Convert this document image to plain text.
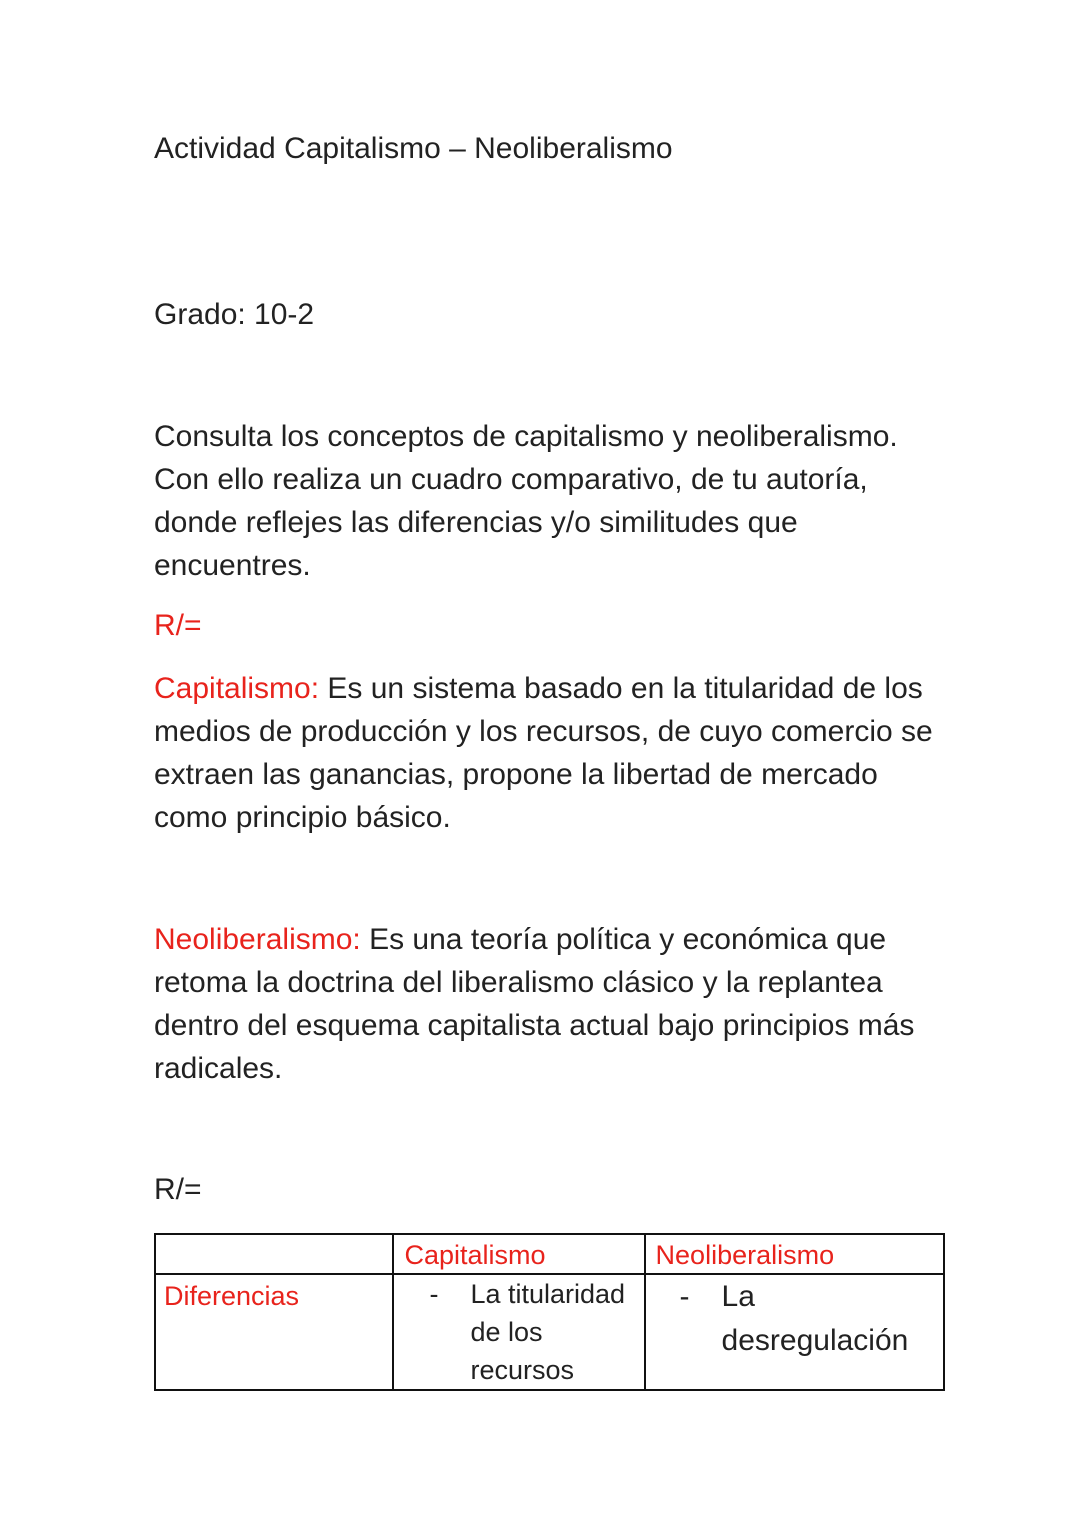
Actividad Capitalismo – Neoliberalismo
Grado: 10-2
Consulta los conceptos de capitalismo y neoliberalismo. Con ello realiza un cuadro comparativo, de tu autoría, donde reflejes las diferencias y/o similitudes que encuentres.
R/=
Capitalismo: Es un sistema basado en la titularidad de los medios de producción y los recursos, de cuyo comercio se extraen las ganancias, propone la libertad de mercado como principio básico.
Neoliberalismo: Es una teoría política y económica que retoma la doctrina del liberalismo clásico y la replantea dentro del esquema capitalista actual bajo principios más radicales.
R/=

	Capitalismo	Neoliberalismo

Diferencias	- La titularidad de los recursos	- La desregulación
